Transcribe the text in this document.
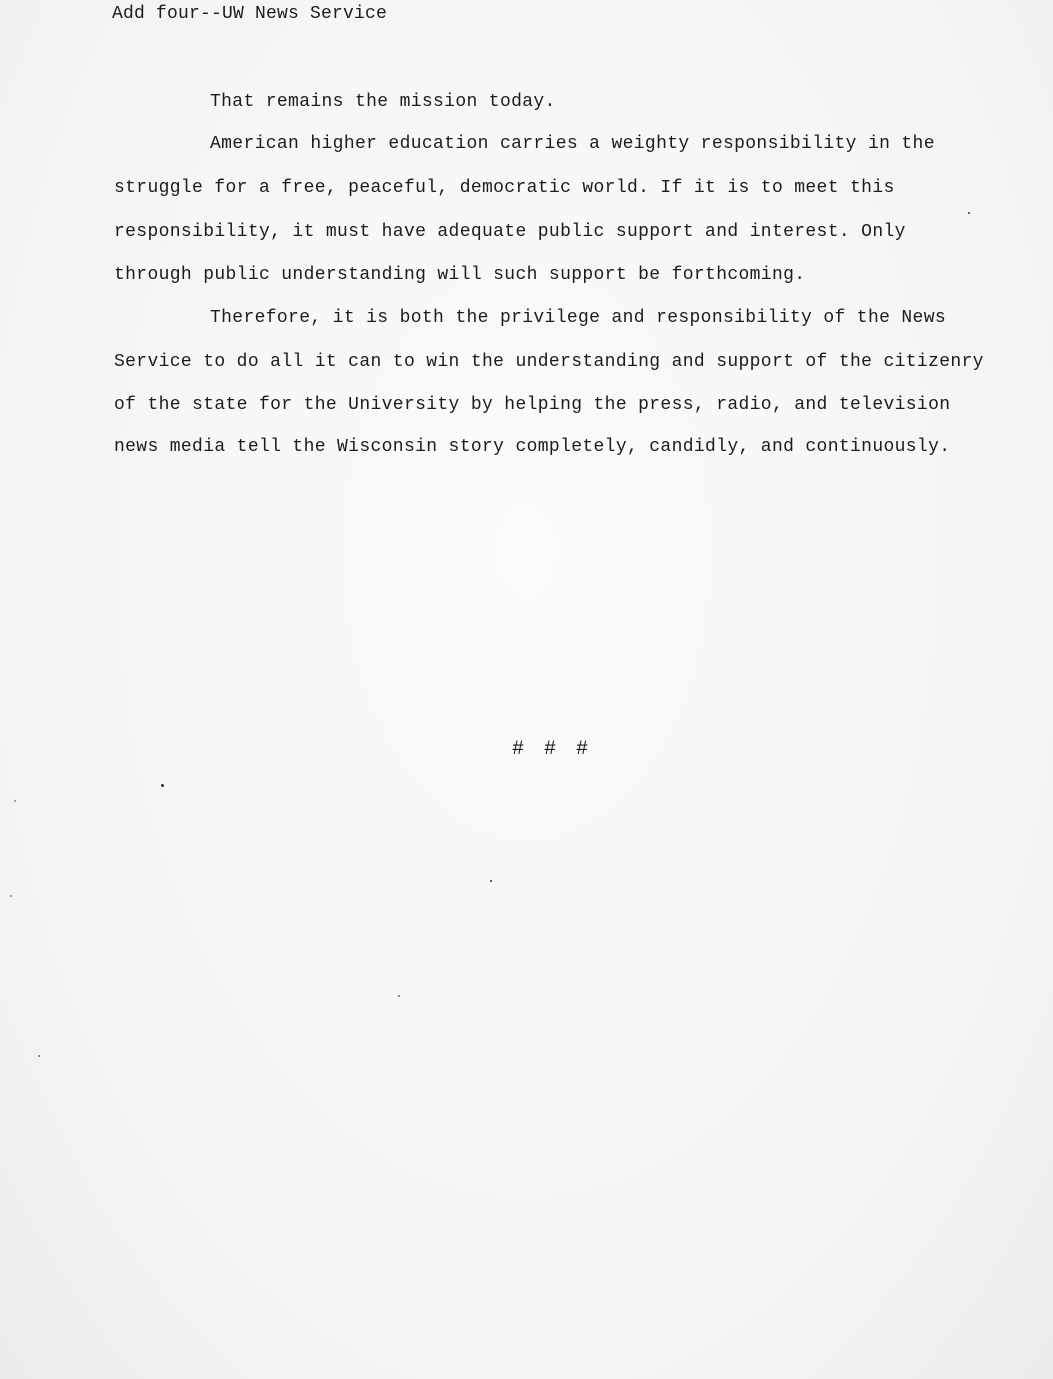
Add four--UW News Service
That remains the mission today.
American higher education carries a weighty responsibility in the
struggle for a free, peaceful, democratic world. If it is to meet this
responsibility, it must have adequate public support and interest. Only
through public understanding will such support be forthcoming.
Therefore, it is both the privilege and responsibility of the News
Service to do all it can to win the understanding and support of the citizenry
of the state for the University by helping the press, radio, and television
news media tell the Wisconsin story completely, candidly, and continuously.
# # #
